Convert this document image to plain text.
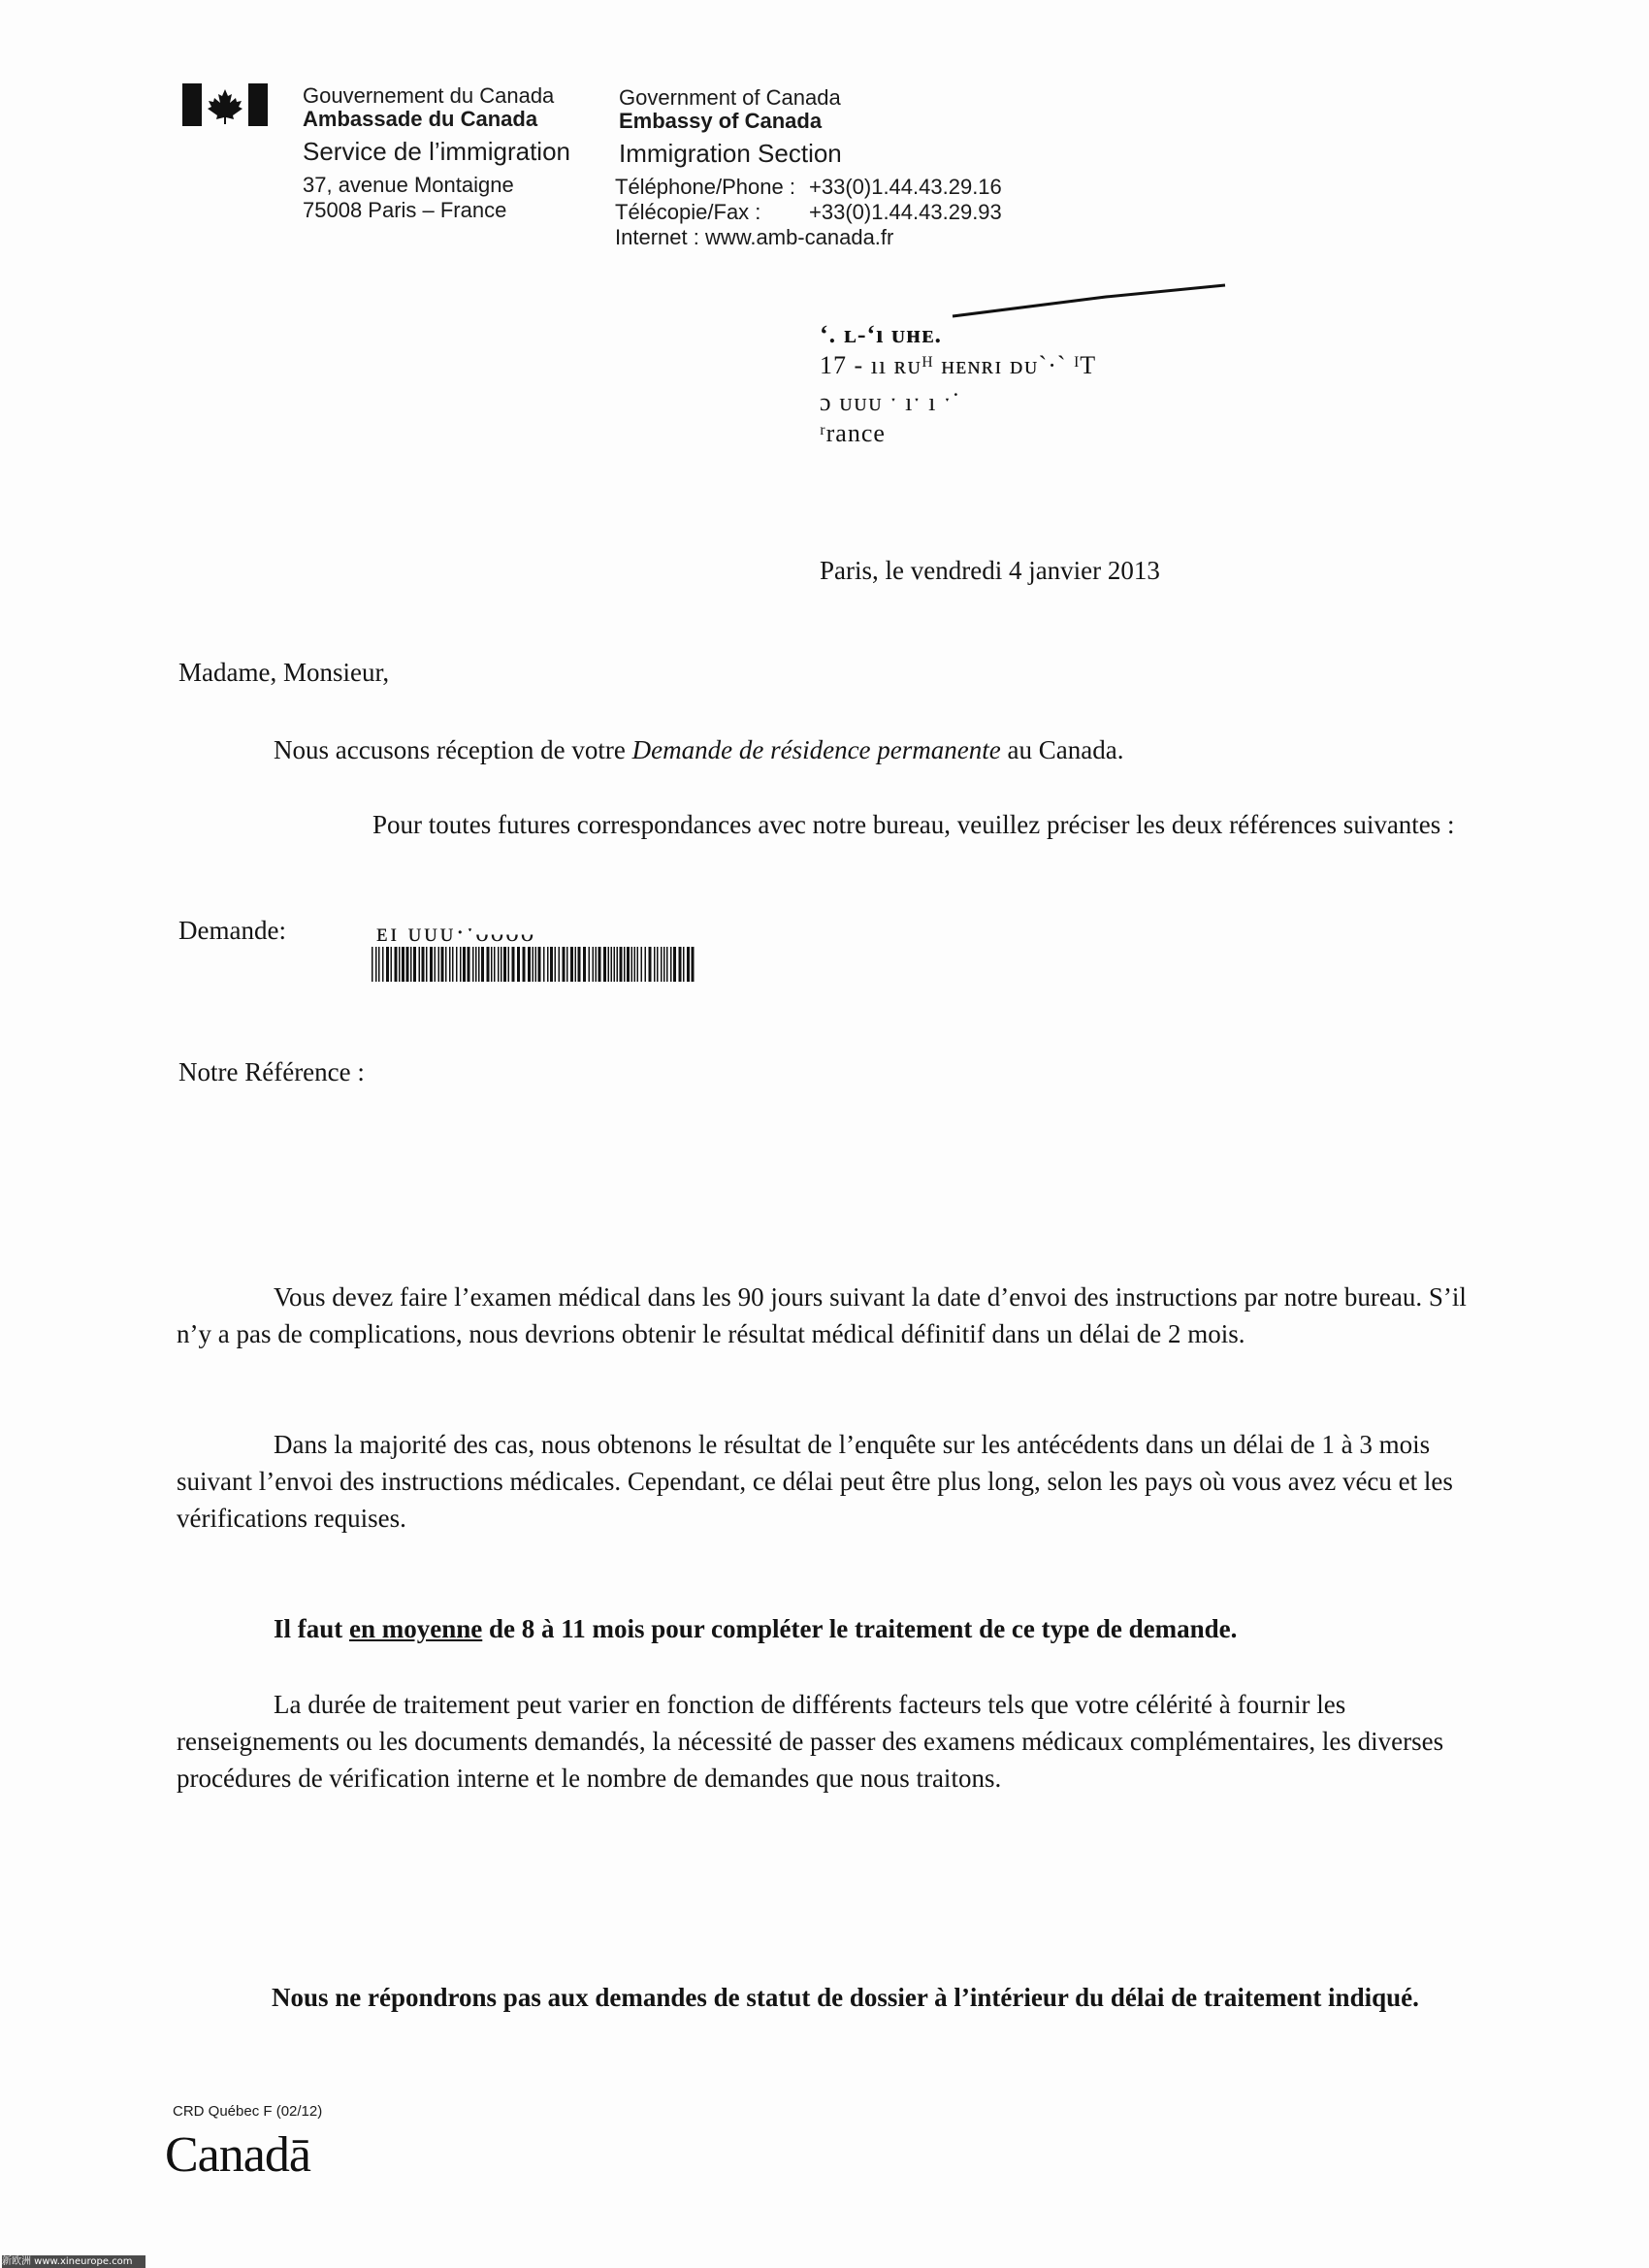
Gouvernement du Canada
Ambassade du Canada
Service de l’immigration
37, avenue Montaigne
75008 Paris – France
Government of Canada
Embassy of Canada
Immigration Section
Téléphone/Phone : +33(0)1.44.43.29.16
Télécopie/Fax : +33(0)1.44.43.29.93
Internet : www.amb-canada.fr
‘. ʟ-‘ı ᴜʜᴇ.
17 - ıı ʀᴜᴴ ʜᴇɴʀɪ ᴅᴜ`·` ᴵT
ɔ ᴜᴜᴜ ˑ ıˑ ı ˑ˙
ʳrance
Paris, le vendredi 4 janvier 2013
Madame, Monsieur,
Nous accusons réception de votre Demande de résidence permanente au Canada.
Pour toutes futures correspondances avec notre bureau, veuillez préciser les deux références suivantes :
Demande:	ᴇɪ ᴜᴜᴜ·ˑᴗᴗᴗᴗ
Notre Référence :
Vous devez faire l’examen médical dans les 90 jours suivant la date d’envoi des instructions par notre bureau. S’il n’y a pas de complications, nous devrions obtenir le résultat médical définitif dans un délai de 2 mois.
Dans la majorité des cas, nous obtenons le résultat de l’enquête sur les antécédents dans un délai de 1 à 3 mois suivant l’envoi des instructions médicales. Cependant, ce délai peut être plus long, selon les pays où vous avez vécu et les vérifications requises.
Il faut en moyenne de 8 à 11 mois pour compléter le traitement de ce type de demande.
La durée de traitement peut varier en fonction de différents facteurs tels que votre célérité à fournir les renseignements ou les documents demandés, la nécessité de passer des examens médicaux complémentaires, les diverses procédures de vérification interne et le nombre de demandes que nous traitons.
Nous ne répondrons pas aux demandes de statut de dossier à l’intérieur du délai de traitement indiqué.
CRD Québec F (02/12)
Canadā
新欧洲 www.xineurope.com
